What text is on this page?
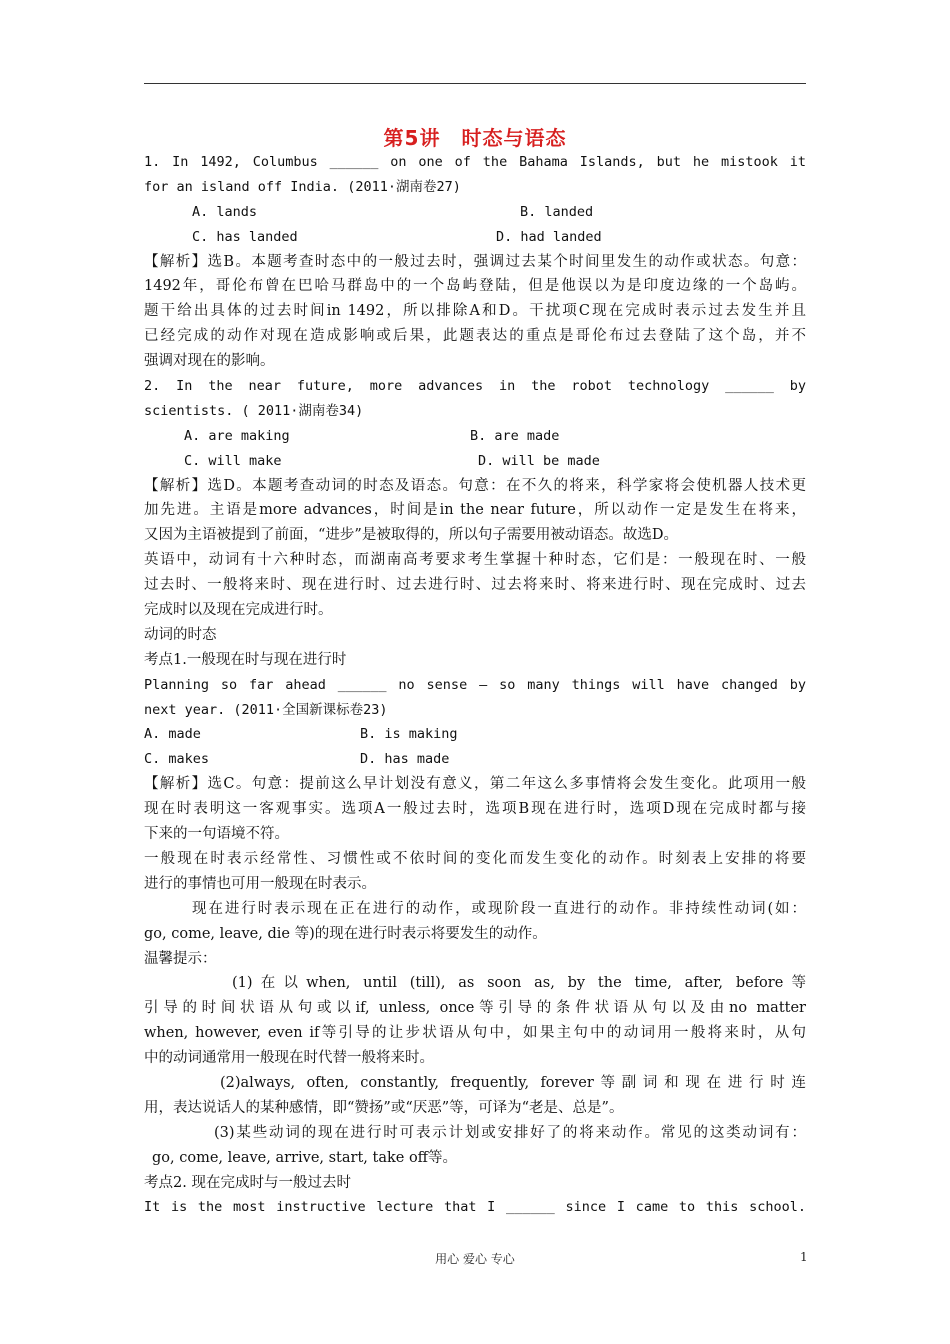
第5讲　时态与语态
1. In 1492, Columbus ______ on one of the Bahama Islands, but he mistook it
for an island off India. (2011·湖南卷27)
A. lands	B. landed
C. has landed	D. had landed
【解析】选B。本题考查时态中的一般过去时，强调过去某个时间里发生的动作或状态。句意：
1492年，哥伦布曾在巴哈马群岛中的一个岛屿登陆，但是他误以为是印度边缘的一个岛屿。
题干给出具体的过去时间in 1492，所以排除A和D。干扰项C现在完成时表示过去发生并且
已经完成的动作对现在造成影响或后果，此题表达的重点是哥伦布过去登陆了这个岛，并不
强调对现在的影响。
2. In the near future, more advances in the robot technology ______ by
scientists. ( 2011·湖南卷34)
A. are making	B. are made
C. will make	D. will be made
【解析】选D。本题考查动词的时态及语态。句意：在不久的将来，科学家将会使机器人技术更
加先进。主语是more advances，时间是in the near future，所以动作一定是发生在将来，
又因为主语被提到了前面，“进步”是被取得的，所以句子需要用被动语态。故选D。
英语中，动词有十六种时态，而湖南高考要求考生掌握十种时态，它们是：一般现在时、一般
过去时、一般将来时、现在进行时、过去进行时、过去将来时、将来进行时、现在完成时、过去
完成时以及现在完成进行时。
动词的时态
考点1.一般现在时与现在进行时
Planning so far ahead ______ no sense — so many things will have changed by
next year. (2011·全国新课标卷23)
A. made	B. is making
C. makes	D. has made
【解析】选C。句意：提前这么早计划没有意义，第二年这么多事情将会发生变化。此项用一般
现在时表明这一客观事实。选项A一般过去时，选项B现在进行时，选项D现在完成时都与接
下来的一句语境不符。
一般现在时表示经常性、习惯性或不依时间的变化而发生变化的动作。时刻表上安排的将要
进行的事情也可用一般现在时表示。
现在进行时表示现在正在进行的动作，或现阶段一直进行的动作。非持续性动词(如：
go, come, leave, die 等)的现在进行时表示将要发生的动作。
温馨提示：
(1)在以when, until (till), as soon as, by the time, after, before等
引导的时间状语从句或以if, unless, once等引导的条件状语从句以及由no matter
when, however, even if等引导的让步状语从句中，如果主句中的动词用一般将来时，从句
中的动词通常用一般现在时代替一般将来时。
(2)always, often, constantly, frequently, forever等副词和现在进行时连
用，表达说话人的某种感情，即“赞扬”或“厌恶”等，可译为“老是、总是”。
(3)某些动词的现在进行时可表示计划或安排好了的将来动作。常见的这类动词有：
go, come, leave, arrive, start, take off等。
考点2. 现在完成时与一般过去时
It is the most instructive lecture that I ______ since I came to this school.
用心 爱心 专心	1
